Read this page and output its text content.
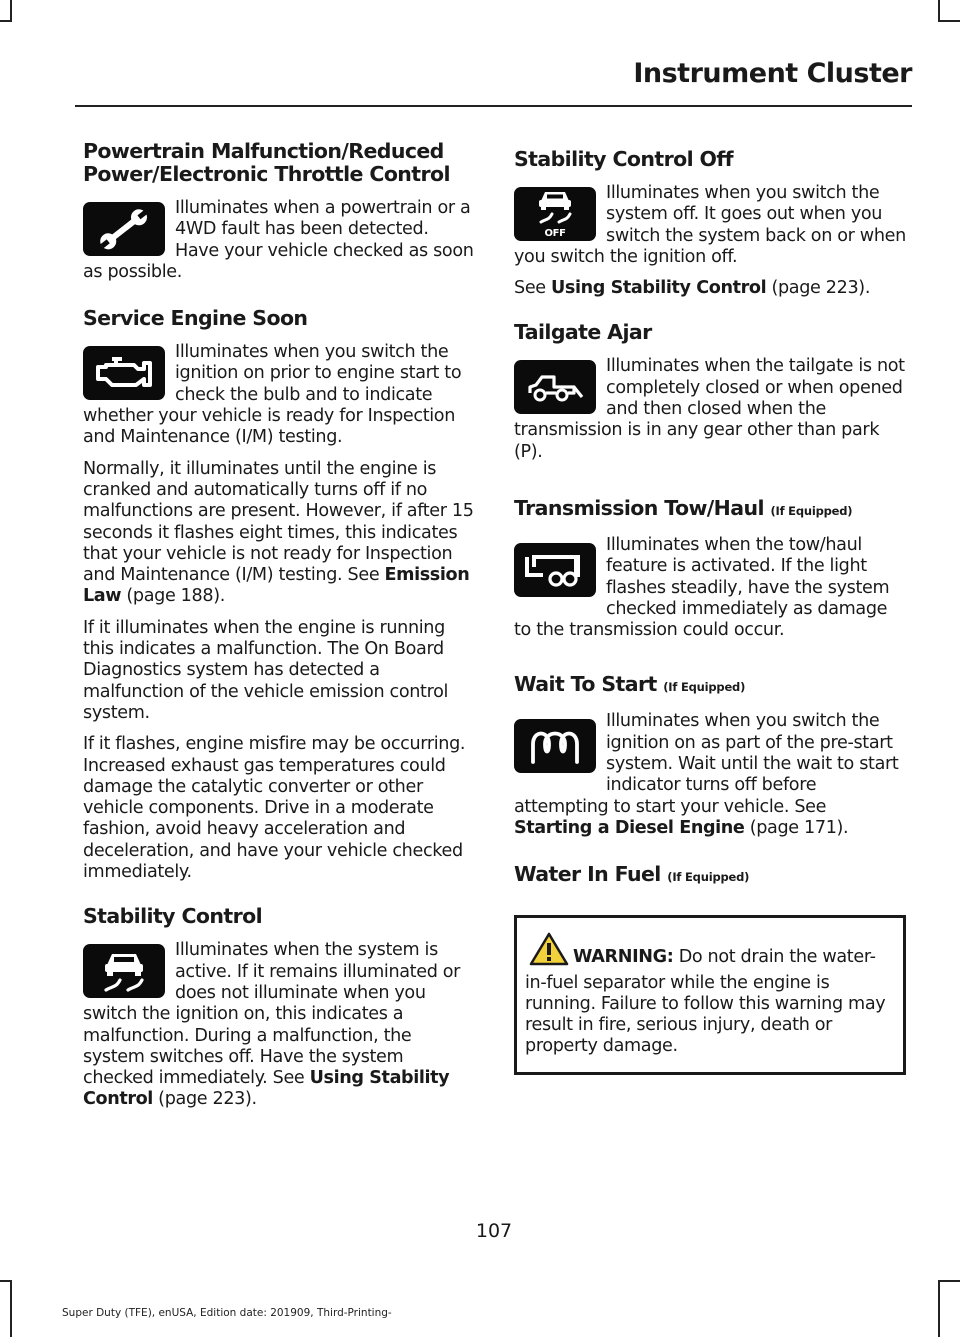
Instrument Cluster
Powertrain Malfunction/Reduced Power/Electronic Throttle Control

Illuminates when a powertrain or a 4WD fault has been detected. Have your vehicle checked as soon as possible.

Service Engine Soon

Illuminates when you switch the ignition on prior to engine start to check the bulb and to indicate whether your vehicle is ready for Inspection and Maintenance (I/M) testing.

Normally, it illuminates until the engine is cranked and automatically turns off if no malfunctions are present. However, if after 15 seconds it flashes eight times, this indicates that your vehicle is not ready for Inspection and Maintenance (I/M) testing. See Emission Law (page 188).

If it illuminates when the engine is running this indicates a malfunction. The On Board Diagnostics system has detected a malfunction of the vehicle emission control system.

If it flashes, engine misfire may be occurring. Increased exhaust gas temperatures could damage the catalytic converter or other vehicle components. Drive in a moderate fashion, avoid heavy acceleration and deceleration, and have your vehicle checked immediately.

Stability Control

Illuminates when the system is active. If it remains illuminated or does not illuminate when you switch the ignition on, this indicates a malfunction. During a malfunction, the system switches off. Have the system checked immediately. See Using Stability Control (page 223).

Stability Control Off
OFF

Illuminates when you switch the system off. It goes out when you switch the system back on or when you switch the ignition off.

See Using Stability Control (page 223).

Tailgate Ajar

Illuminates when the tailgate is not completely closed or when opened and then closed when the transmission is in any gear other than park (P).

Transmission Tow/Haul (If Equipped)

Illuminates when the tow/haul feature is activated. If the light flashes steadily, have the system checked immediately as damage to the transmission could occur.

Wait To Start (If Equipped)

Illuminates when you switch the ignition on as part of the pre-start system. Wait until the wait to start indicator turns off before attempting to start your vehicle. See Starting a Diesel Engine (page 171).

Water In Fuel (If Equipped)
WARNING: Do not drain the water-in-fuel separator while the engine is running. Failure to follow this warning may result in fire, serious injury, death or property damage.
107
Super Duty (TFE), enUSA, Edition date: 201909, Third-Printing-
